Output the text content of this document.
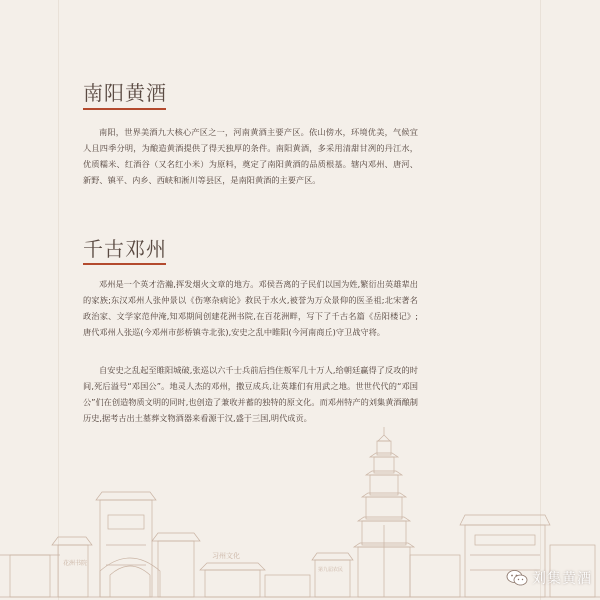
南阳黄酒

南阳，世界美酒九大核心产区之一，河南黄酒主要产区。依山傍水，环境优美，气候宜人且四季分明，为酿造黄酒提供了得天独厚的条件。南阳黄酒，多采用清甜甘冽的丹江水，优质糯米、红酒谷（又名红小米）为原料，奠定了南阳黄酒的品质根基。辖内邓州、唐河、新野、镇平、内乡、西峡和淅川等县区，是南阳黄酒的主要产区。

千古邓州

邓州是一个英才浩瀚,挥发烟火文章的地方。邓侯吾离的子民们以国为姓,繁衍出英雄辈出的家族;东汉邓州人张仲景以《伤寒杂病论》救民于水火,被誉为万众景仰的医圣祖;北宋著名政治家、文学家范仲淹,知邓期间创建花洲书院,在百花洲畔，写下了千古名篇《岳阳楼记》;唐代邓州人张巡(今邓州市彭桥镇寺北张),安史之乱中睢阳(今河南商丘)守卫战守将。

自安史之乱起至睢阳城破,张巡以六千士兵前后挡住叛军几十万人,给朝廷赢得了反攻的时间,死后溢号“邓国公”。地灵人杰的邓州，撒豆成兵,让英雄们有用武之地。世世代代的“邓国公”们在创造物质文明的同时,也创造了兼收并蓄的独特的原文化。而邓州特产的刘集黄酒酿制历史,据考古出土墓葬文物酒器来看源于汉,盛于三国,明代成贡。

花洲书院
习州文化
第九届农民
刘集黄酒
